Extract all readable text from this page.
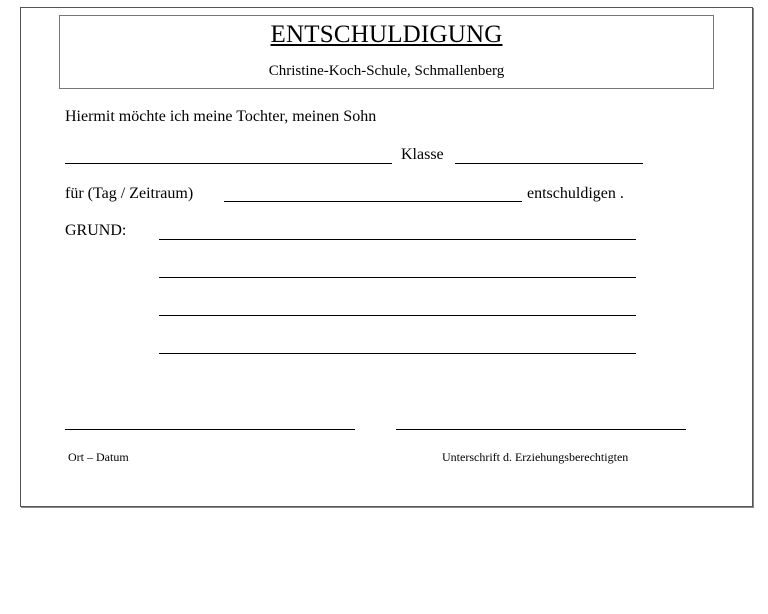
ENTSCHULDIGUNG
Christine-Koch-Schule, Schmallenberg
Hiermit möchte ich meine Tochter, meinen Sohn
Klasse
für (Tag / Zeitraum)	entschuldigen .
GRUND:
Ort – Datum	Unterschrift d. Erziehungsberechtigten
